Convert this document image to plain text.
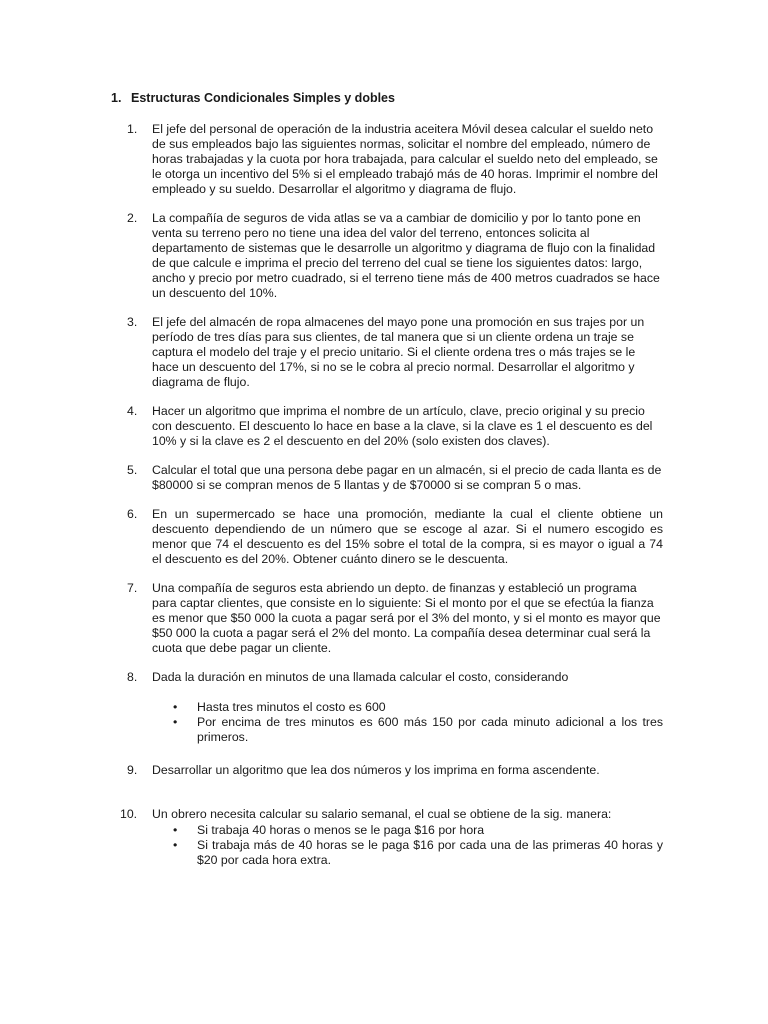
1. Estructuras Condicionales Simples y dobles
1. El jefe del personal de operación de la industria aceitera Móvil desea calcular el sueldo neto de sus empleados bajo las siguientes normas, solicitar el nombre del empleado, número de horas trabajadas y la cuota por hora trabajada, para calcular el sueldo neto del empleado, se le otorga un incentivo del 5% si el empleado trabajó más de 40 horas. Imprimir el nombre del empleado y su sueldo. Desarrollar el algoritmo y diagrama de flujo.
2. La compañía de seguros de vida atlas se va a cambiar de domicilio y por lo tanto pone en venta su terreno pero no tiene una idea del valor del terreno, entonces solicita al departamento de sistemas que le desarrolle un algoritmo y diagrama de flujo con la finalidad de que calcule e imprima el precio del terreno del cual se tiene los siguientes datos: largo, ancho y precio por metro cuadrado, si el terreno tiene más de 400 metros cuadrados se hace un descuento del 10%.
3. El jefe del almacén de ropa almacenes del mayo pone una promoción en sus trajes por un período de tres días para sus clientes, de tal manera que si un cliente ordena un traje se captura el modelo del traje y el precio unitario. Si el cliente ordena tres o más trajes se le hace un descuento del 17%, si no se le cobra al precio normal. Desarrollar el algoritmo y diagrama de flujo.
4. Hacer un algoritmo que imprima el nombre de un artículo, clave, precio original y su precio con descuento. El descuento lo hace en base a la clave, si la clave es 1 el descuento es del 10% y si la clave es 2 el descuento en del 20% (solo existen dos claves).
5. Calcular el total que una persona debe pagar en un almacén, si el precio de cada llanta es de $80000 si se compran menos de 5 llantas y de $70000 si se compran 5 o mas.
6. En un supermercado se hace una promoción, mediante la cual el cliente obtiene un descuento dependiendo de un número que se escoge al azar. Si el numero escogido es menor que 74 el descuento es del 15% sobre el total de la compra, si es mayor o igual a 74 el descuento es del 20%. Obtener cuánto dinero se le descuenta.
7. Una compañía de seguros esta abriendo un depto. de finanzas y estableció un programa para captar clientes, que consiste en lo siguiente: Si el monto por el que se efectúa la fianza es menor que $50 000 la cuota a pagar será por el 3% del monto, y si el monto es mayor que $50 000 la cuota a pagar será el 2% del monto. La compañía desea determinar cual será la cuota que debe pagar un cliente.
8. Dada la duración en minutos de una llamada calcular el costo, considerando
• Hasta tres minutos el costo es 600
• Por encima de tres minutos es 600 más 150 por cada minuto adicional a los tres primeros.
9. Desarrollar un algoritmo que lea dos números y los imprima en forma ascendente.
10. Un obrero necesita calcular su salario semanal, el cual se obtiene de la sig. manera:
• Si trabaja 40 horas o menos se le paga $16 por hora
• Si trabaja más de 40 horas se le paga $16 por cada una de las primeras 40 horas y $20 por cada hora extra.
